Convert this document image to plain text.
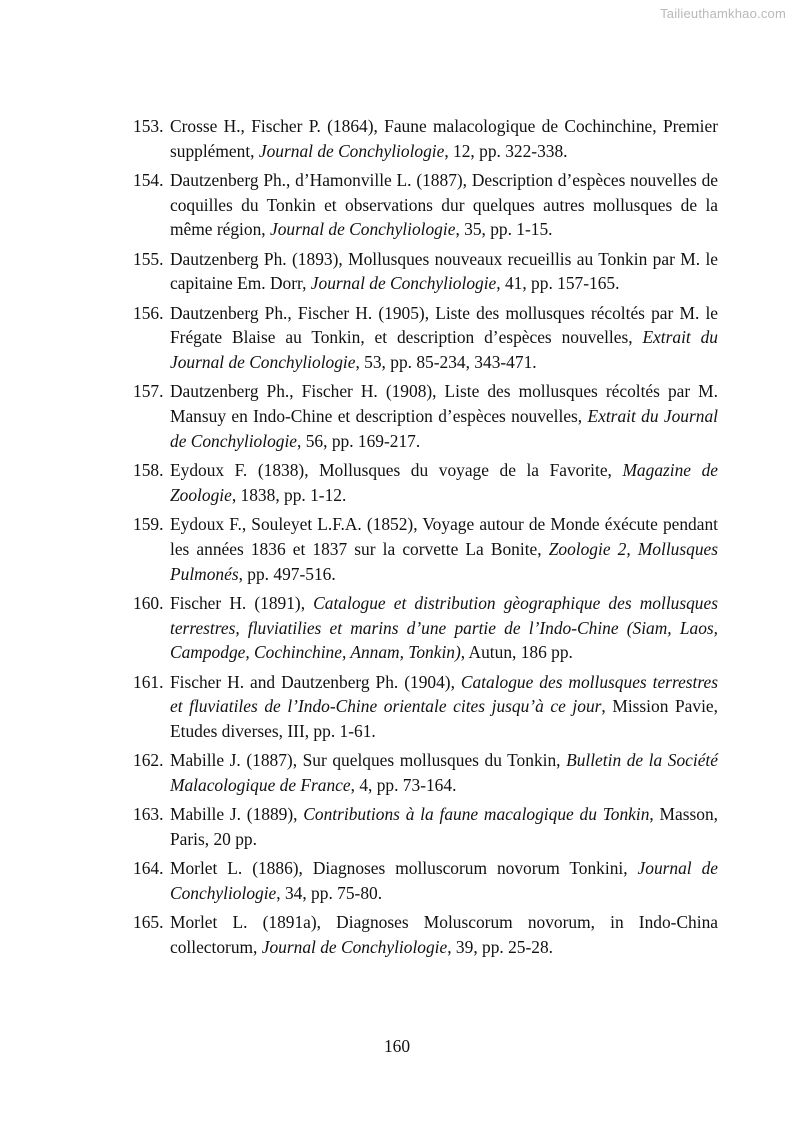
Tailieuthamkhao.com
153. Crosse H., Fischer P. (1864), Faune malacologique de Cochinchine, Premier supplément, Journal de Conchyliologie, 12, pp. 322-338.
154. Dautzenberg Ph., d’Hamonville L. (1887), Description d’espèces nouvelles de coquilles du Tonkin et observations dur quelques autres mollusques de la même région, Journal de Conchyliologie, 35, pp. 1-15.
155. Dautzenberg Ph. (1893), Mollusques nouveaux recueillis au Tonkin par M. le capitaine Em. Dorr, Journal de Conchyliologie, 41, pp. 157-165.
156. Dautzenberg Ph., Fischer H. (1905), Liste des mollusques récoltés par M. le Frégate Blaise au Tonkin, et description d’espèces nouvelles, Extrait du Journal de Conchyliologie, 53, pp. 85-234, 343-471.
157. Dautzenberg Ph., Fischer H. (1908), Liste des mollusques récoltés par M. Mansuy en Indo-Chine et description d’espèces nouvelles, Extrait du Journal de Conchyliologie, 56, pp. 169-217.
158. Eydoux F. (1838), Mollusques du voyage de la Favorite, Magazine de Zoologie, 1838, pp. 1-12.
159. Eydoux F., Souleyet L.F.A. (1852), Voyage autour de Monde éxécute pendant les années 1836 et 1837 sur la corvette La Bonite, Zoologie 2, Mollusques Pulmonés, pp. 497-516.
160. Fischer H. (1891), Catalogue et distribution gèographique des mollusques terrestres, fluviatilies et marins d’une partie de l’Indo-Chine (Siam, Laos, Campodge, Cochinchine, Annam, Tonkin), Autun, 186 pp.
161. Fischer H. and Dautzenberg Ph. (1904), Catalogue des mollusques terrestres et fluviatiles de l’Indo-Chine orientale cites jusqu’à ce jour, Mission Pavie, Etudes diverses, III, pp. 1-61.
162. Mabille J. (1887), Sur quelques mollusques du Tonkin, Bulletin de la Société Malacologique de France, 4, pp. 73-164.
163. Mabille J. (1889), Contributions à la faune macalogique du Tonkin, Masson, Paris, 20 pp.
164. Morlet L. (1886), Diagnoses molluscorum novorum Tonkini, Journal de Conchyliologie, 34, pp. 75-80.
165. Morlet L. (1891a), Diagnoses Moluscorum novorum, in Indo-China collectorum, Journal de Conchyliologie, 39, pp. 25-28.
160
